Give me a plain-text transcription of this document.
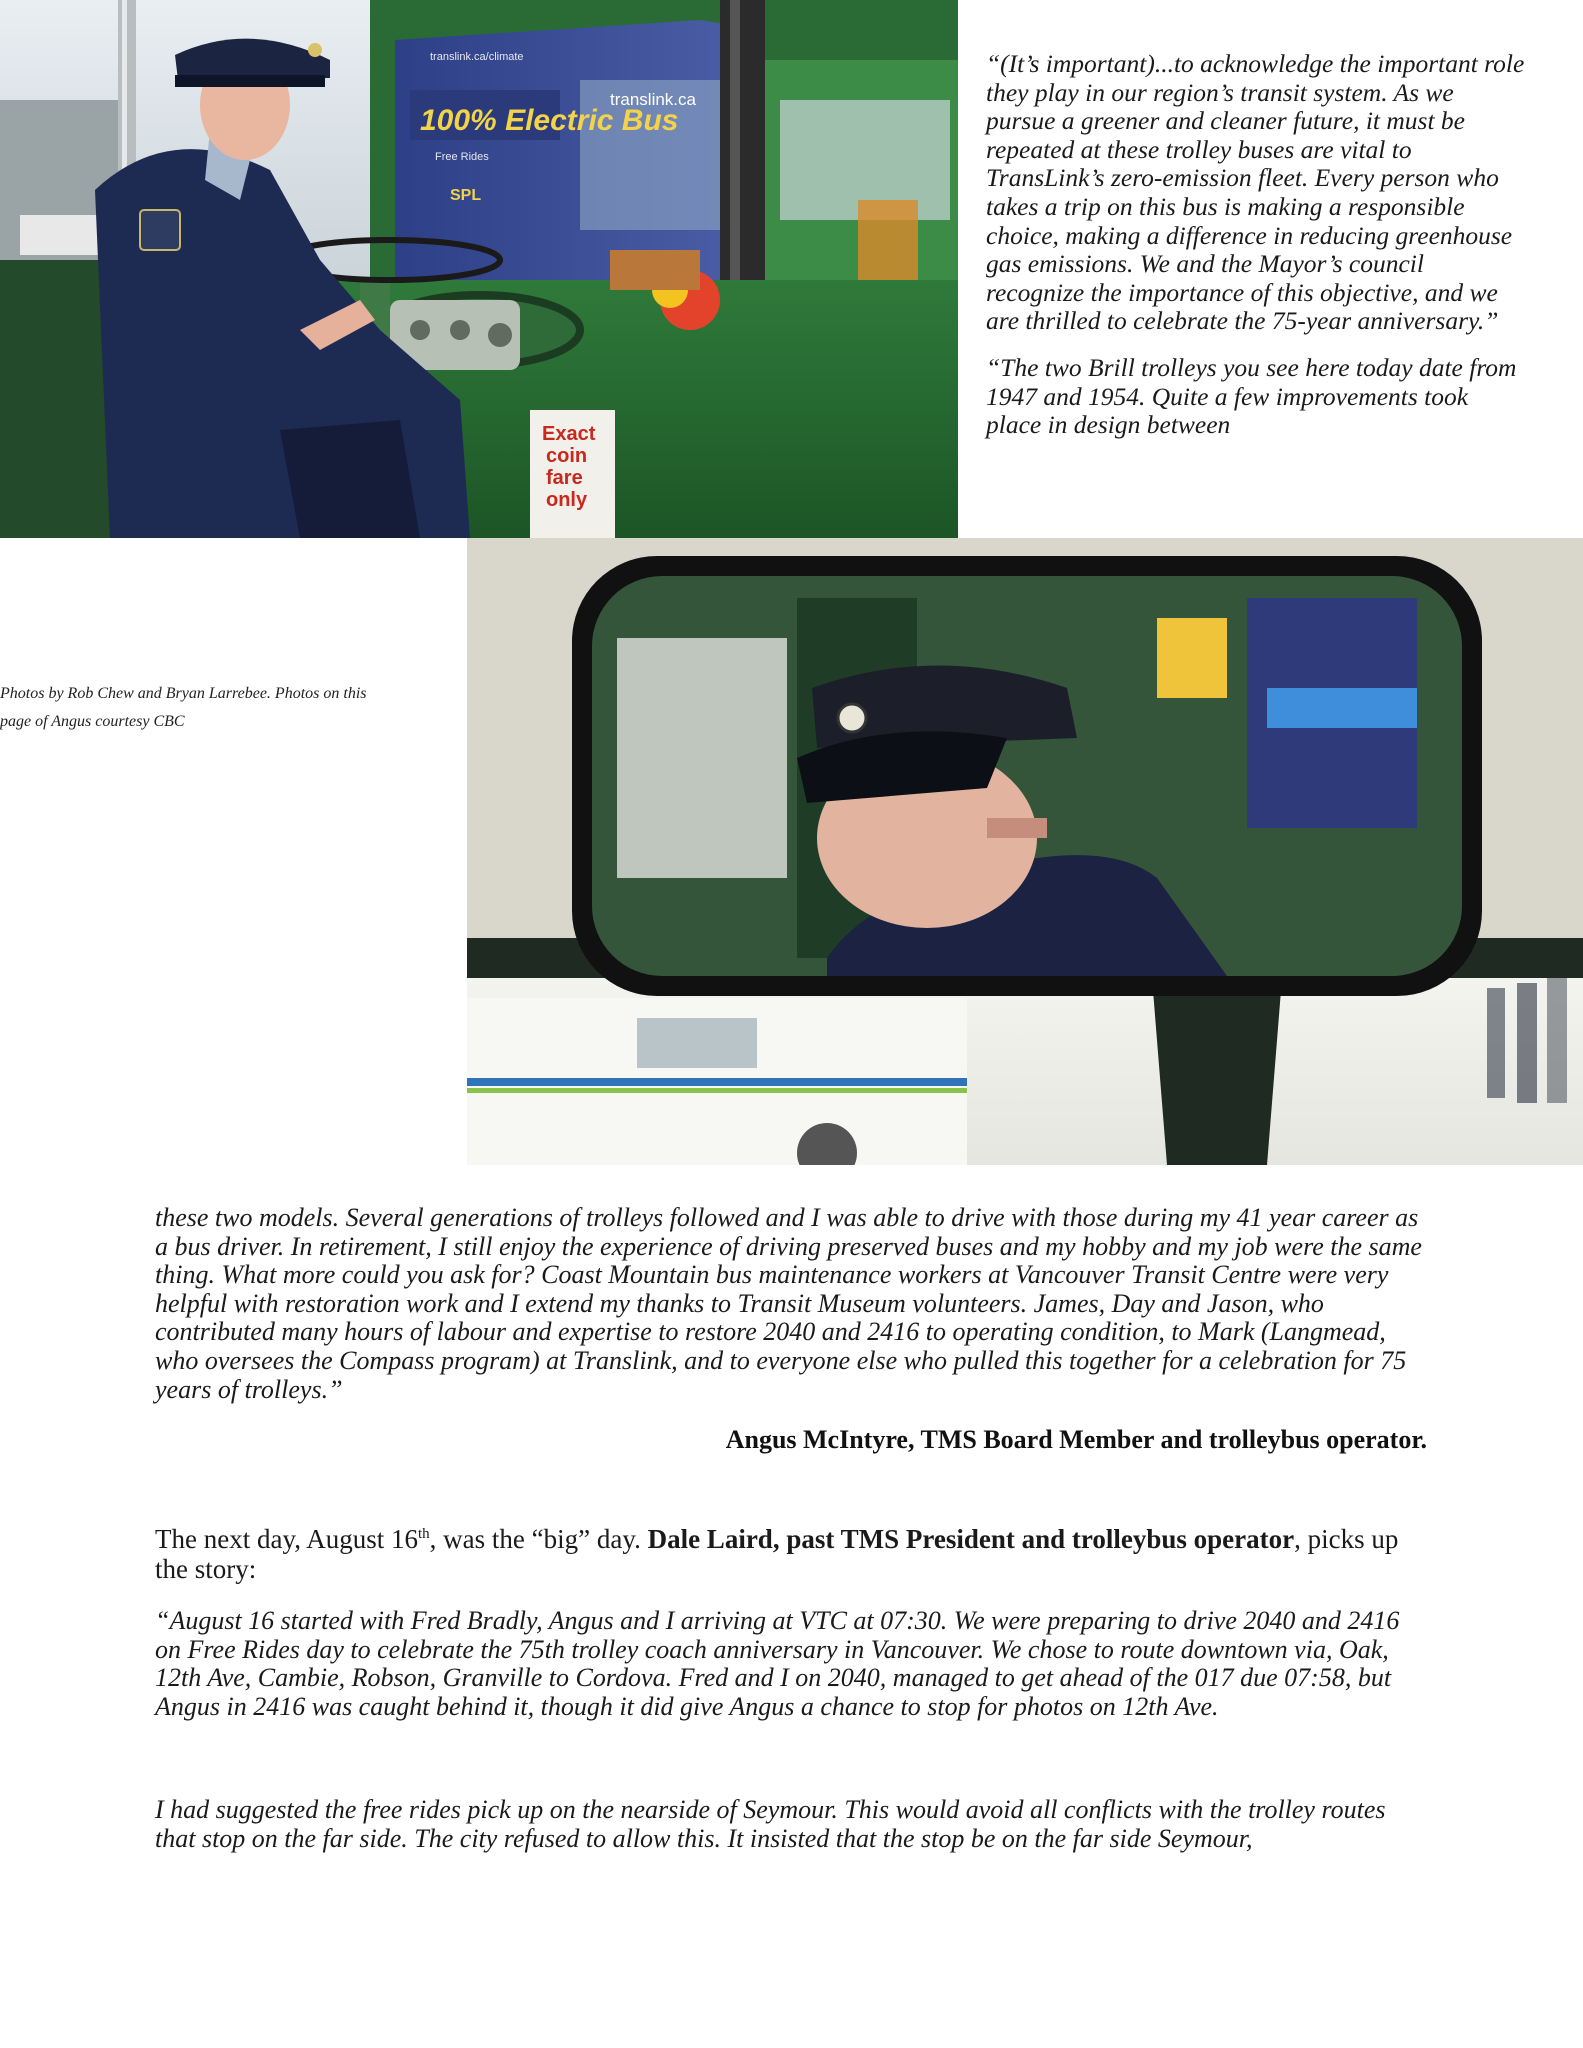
100% Electric Bus
translink.ca/climate
translink.ca
Free Rides
SPL
Exact
coin
fare
only

“(It’s important)...to acknowledge the important role they play in our region’s transit system. As we pursue a greener and cleaner future, it must be repeated at these trolley buses are vital to TransLink’s zero-emission fleet. Every person who takes a trip on this bus is making a responsible choice, making a difference in reducing greenhouse gas emissions. We and the Mayor’s council recognize the importance of this objective, and we are thrilled to celebrate the 75-year anniversary.”

“The two Brill trolleys you see here today date from 1947 and 1954. Quite a few improvements took place in design between

Photos by Rob Chew and Bryan Larrebee. Photos on this page of Angus courtesy CBC

these two models. Several generations of trolleys followed and I was able to drive with those during my 41 year career as a bus driver. In retirement, I still enjoy the experience of driving preserved buses and my hobby and my job were the same thing. What more could you ask for? Coast Mountain bus maintenance workers at Vancouver Transit Centre were very helpful with restoration work and I extend my thanks to Transit Museum volunteers. James, Day and Jason, who contributed many hours of labour and expertise to restore 2040 and 2416 to operating condition, to Mark (Langmead, who oversees the Compass program) at Translink, and to everyone else who pulled this together for a celebration for 75 years of trolleys.”

Angus McIntyre, TMS Board Member and trolleybus operator.

The next day, August 16th, was the “big” day. Dale Laird, past TMS President and trolleybus operator, picks up the story:

“August 16 started with Fred Bradly, Angus and I arriving at VTC at 07:30. We were preparing to drive 2040 and 2416 on Free Rides day to celebrate the 75th trolley coach anniversary in Vancouver. We chose to route downtown via, Oak, 12th Ave, Cambie, Robson, Granville to Cordova. Fred and I on 2040, managed to get ahead of the 017 due 07:58, but Angus in 2416 was caught behind it, though it did give Angus a chance to stop for photos on 12th Ave.

I had suggested the free rides pick up on the nearside of Seymour. This would avoid all conflicts with the trolley routes that stop on the far side. The city refused to allow this. It insisted that the stop be on the far side Seymour,
